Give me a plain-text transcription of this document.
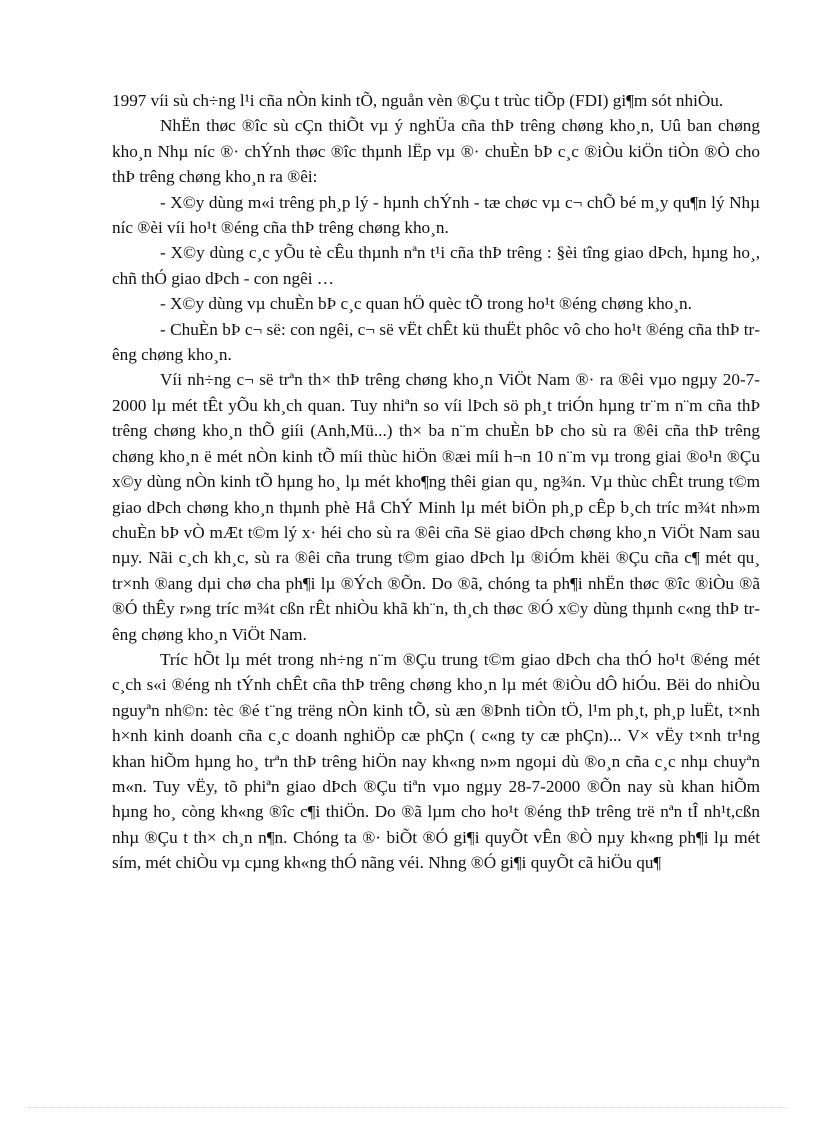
1997 víi sù ch÷ng l¹i cña nÒn kinh tÕ, nguån vèn ®Çu t trùc tiÕp (FDI) gi¶m sót nhiÒu.

NhËn thøc ®îc sù cÇn thiÕt vµ ý nghÜa cña thÞ trêng chøng kho¸n, Uû ban chøng kho¸n Nhµ níc ®· chÝnh thøc ®îc thµnh lËp vµ ®· chuÈn bÞ c¸c ®iÒu kiÖn tiÒn ®Ò cho thÞ trêng chøng kho¸n ra ®êi:

- X©y dùng m«i trêng ph¸p lý - hµnh chÝnh - tæ chøc vµ c¬ chÕ bé m¸y qu¶n lý Nhµ níc ®èi víi ho¹t ®éng cña thÞ trêng chøng kho¸n.

- X©y dùng c¸c yÕu tè cÊu thµnh nªn t¹i cña thÞ trêng : §èi tîng giao dÞch, hµng ho¸, chñ thÓ giao dÞch - con ngêi …

- X©y dùng vµ chuÈn bÞ c¸c quan hÖ quèc tÕ trong ho¹t ®éng chøng kho¸n.

- ChuÈn bÞ c¬ së: con ngêi, c¬ së vËt chÊt kü thuËt phôc vô cho ho¹t ®éng cña thÞ trêng chøng kho¸n.

Víi nh÷ng c¬ së trªn th× thÞ trêng chøng kho¸n ViÖt Nam ®· ra ®êi vµo ngµy 20-7-2000 lµ mét tÊt yÕu kh¸ch quan. Tuy nhiªn so víi lÞch sö ph¸t triÓn hµng tr¨m n¨m cña thÞ trêng chøng kho¸n thÕ giíi (Anh,Mü...) th× ba n¨m chuÈn bÞ cho sù ra ®êi cña thÞ trêng chøng kho¸n ë mét nÒn kinh tÕ míi thùc hiÖn ®æi míi h¬n 10 n¨m vµ trong giai ®o¹n ®Çu x©y dùng nÒn kinh tÕ hµng ho¸ lµ mét kho¶ng thêi gian qu¸ ng¾n. Vµ thùc chÊt trung t©m giao dÞch chøng kho¸n thµnh phè Hå ChÝ Minh lµ mét biÖn ph¸p cÊp b¸ch tríc m¾t nh»m chuÈn bÞ vÒ mÆt t©m lý x· héi cho sù ra ®êi cña Së giao dÞch chøng kho¸n ViÖt Nam sau nµy. Nãi c¸ch kh¸c, sù ra ®êi cña trung t©m giao dÞch lµ ®iÓm khëi ®Çu cña c¶ mét qu¸ tr×nh ®ang dµi chø cha ph¶i lµ ®Ých ®Õn. Do ®ã, chóng ta ph¶i nhËn thøc ®îc ®iÒu ®ã ®Ó thÊy r»ng tríc m¾t cßn rÊt nhiÒu khã kh¨n, th¸ch thøc ®Ó x©y dùng thµnh c«ng thÞ trêng chøng kho¸n ViÖt Nam.

Tríc hÕt lµ mét trong nh÷ng n¨m ®Çu trung t©m giao dÞch cha thÓ ho¹t ®éng mét c¸ch s«i ®éng nh tÝnh chÊt cña thÞ trêng chøng kho¸n lµ mét ®iÒu dÔ hiÓu. Bëi do nhiÒu nguyªn nh©n: tèc ®é t¨ng trëng nÒn kinh tÕ, sù æn ®Þnh tiÒn tÖ, l¹m ph¸t, ph¸p luËt, t×nh h×nh kinh doanh cña c¸c doanh nghiÖp cæ phÇn ( c«ng ty cæ phÇn)... V× vËy t×nh tr¹ng khan hiÕm hµng ho¸ trªn thÞ trêng hiÖn nay kh«ng n»m ngoµi dù ®o¸n cña c¸c nhµ chuyªn m«n. Tuy vËy, tõ phiªn giao dÞch ®Çu tiªn vµo ngµy 28-7-2000 ®Õn nay sù khan hiÕm hµng ho¸ còng kh«ng ®îc c¶i thiÖn. Do ®ã lµm cho ho¹t ®éng thÞ trêng trë nªn tÎ nh¹t,cßn nhµ ®Çu t th× ch¸n n¶n. Chóng ta ®· biÕt ®Ó gi¶i quyÕt vÊn ®Ò nµy kh«ng ph¶i lµ mét sím, mét chiÒu vµ cµng kh«ng thÓ nãng véi. Nhng ®Ó gi¶i quyÕt cã hiÖu qu¶
